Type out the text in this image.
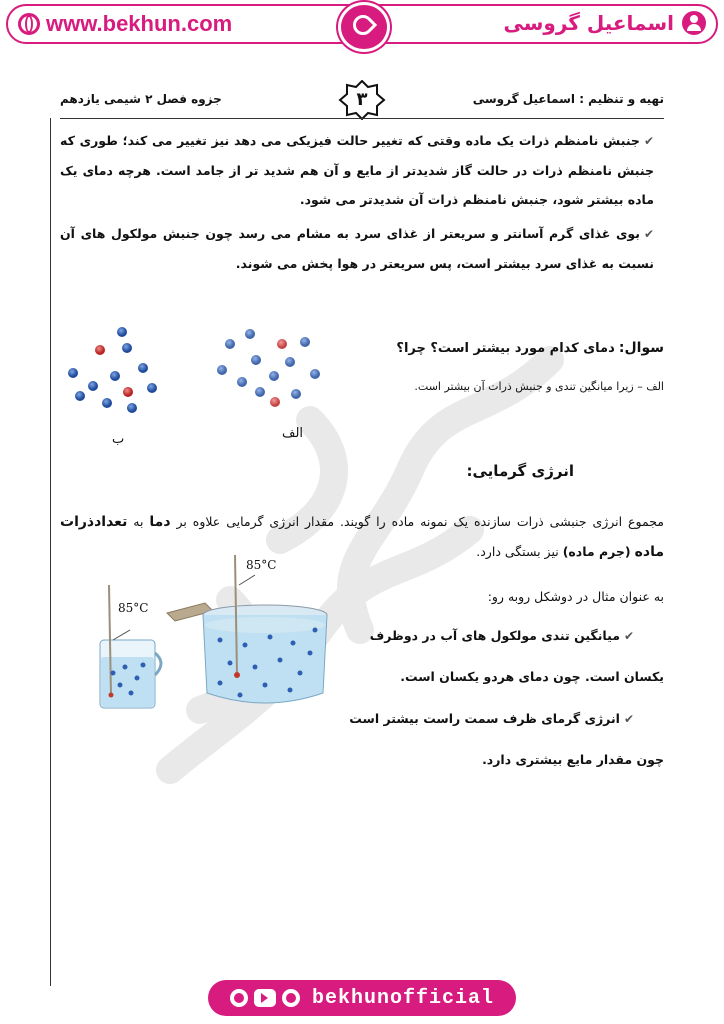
www.bekhun.com	اسماعیل گروسی
تهیه و تنظیم : اسماعیل گروسی
۳
جزوه فصل ۲ شیمی یازدهم
✔جنبش نامنظم ذرات یک ماده وقتی که تغییر حالت فیزیکی می دهد نیز تغییر می کند؛ طوری که جنبش نامنظم ذرات در حالت گاز شدیدتر از مایع و آن هم شدید تر از جامد است. هرچه دمای یک ماده بیشتر شود، جنبش نامنظم ذرات آن شدیدتر می شود.
✔بوی غذای گرم آسانتر و سریعتر از غذای سرد به مشام می رسد چون جنبش مولکول های آن نسبت به غذای سرد بیشتر است، پس سریعتر در هوا پخش می شوند.
سوال: دمای کدام مورد بیشتر است؟ چرا؟
الف – زیرا میانگین تندی و جنبش ذرات آن بیشتر است.
ب	الف
انرژی گرمایی:
مجموع انرژی جنبشی ذرات سازنده یک نمونه ماده را گویند. مقدار انرژی گرمایی علاوه بر دما به تعدادذرات ماده (جرم ماده) نیز بستگی دارد.
به عنوان مثال در دوشکل روبه رو:
✔میانگین تندی مولکول های آب در دوظرف
یکسان است. چون دمای هردو یکسان است.
✔انرژی گرمای ظرف سمت راست بیشتر است
چون مقدار مایع بیشتری دارد.
85°C
85°C
bekhunofficial
